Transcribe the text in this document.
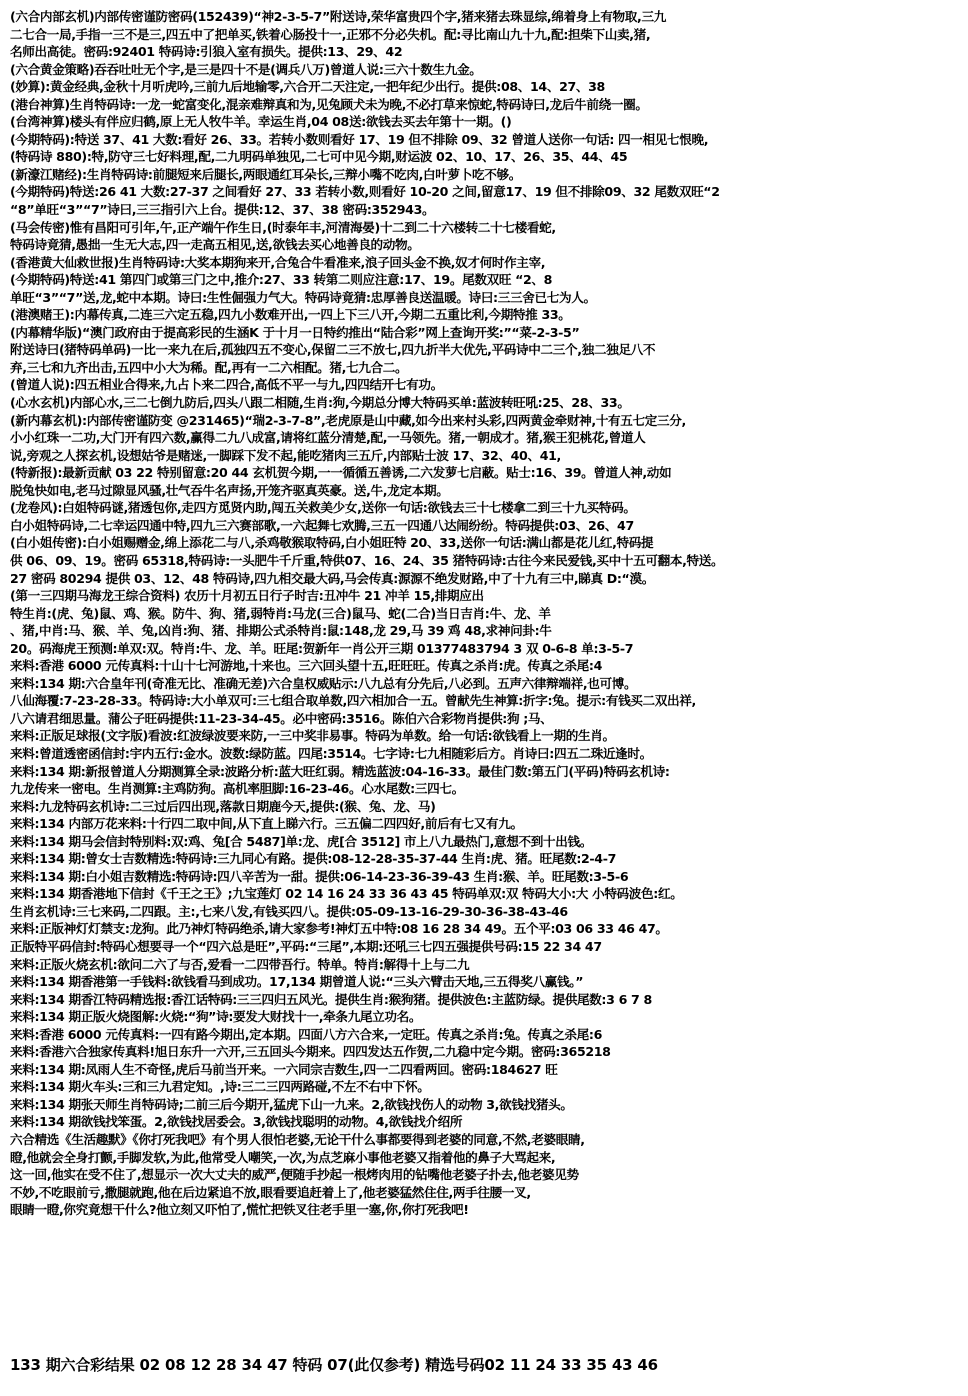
(六合内部玄机)内部传密谨防密码(152439)“神2-3-5-7”附送诗,荣华富贵四个字,猪来猪去珠显综,绵着身上有物取,三九
二七合一局,手指一三不是三,四五中了把单买,铁着心肠投十一,正邪不分必失机。配:寻比南山九十九,配:担柴下山卖,猪,
名师出高徒。密码:92401 特码诗:引狼入室有损失。提供:13、29、42
(六合黄金策略)吞吞吐吐无个字,是三是四十不是(调兵八万)曾道人说:三六十数生九金。
(妙算):黄金经典,金秋十月听虎吟,三前九后地输零,六合开二天注定,一把年纪少出行。提供:08、14、27、38
(港台神算)生肖特码诗:一龙一蛇富变化,混亲难辩真和为,见兔顾犬未为晚,不必打草来惊蛇,特码诗曰,龙后牛前绕一圈。
(台湾神算)楼头有伴应归鹤,原上无人牧牛羊。幸运生肖,04 08送:欲钱去买去年第十一期。()
(今期特码):特送 37、41 大数:看好 26、33。若转小数则看好 17、19 但不排除 09、32 曾道人送你一句话: 四一相见七恨晚,
(特码诗 880):特,防守三七好料理,配,二九明码单独见,二七可中见今期,财运波 02、10、17、26、35、44、45
(新濠江赌经):生肖特码诗:前腿短来后腿长,两眼通红耳朵长,三辩小嘴不吃肉,白叶萝卜吃不够。
(今期特码)特送:26 41 大数:27-37 之间看好 27、33 若转小数,则看好 10-20 之间,留意17、19 但不排除09、32 尾数双旺“2
“8”单旺“3”“7”诗曰,三三指引六上台。提供:12、37、38 密码:352943。
(马会传密)惟有昌阳可引年,午,正产端午作生日,(时泰年丰,河清海晏)十二到二十六楼转二十七楼看蛇,
特码诗竟猜,愚拙一生无大志,四一走高五相见,送,欲钱去买心地善良的动物。
(香港黄大仙救世报)生肖特码诗:大奖本期狗来开,合兔合牛看准来,浪子回头金不换,奴才何时作主宰,
(今期特码)特送:41 第四门或第三门之中,推介:27、33 转第二则应注意:17、19。尾数双旺 “2、8
单旺“3”“7”送,龙,蛇中本期。诗曰:生性倔强力气大。特码诗竟猜:忠厚善良送温暖。诗曰:三三舍已七为人。
(港澳赌王):内幕传真,二连三六定五稳,四九小数难开出,一四上下三八开,今期二五重比利,今期特推 33。
(内幕精华版)“澳门政府由于提高彩民的生涵K 于十月一日特约推出“陆合彩”网上查询开奖:”“菜-2-3-5”
附送诗曰(猪特码单码)一比一来九在后,孤独四五不变心,保留二三不放七,四九折半大优先,平码诗中二三个,独二独足八不
弃,三七和九齐出击,五四中小大为稀。配,再有一二六相配。猪,七九合二。
(曾道人说):四五相业合得来,九占卜来二四合,高低不平一与九,四四结开七有功。
(心水玄机)内部心水,三二七倒九防后,四头八跟二相随,生肖:狗,今期总分博大特码买单:蓝波转旺吼:25、28、33。
(新内幕玄机):内部传密谨防变 @231465)“瑞2-3-7-8”,老虎原是山中藏,如今出来村头彩,四两黄金牵财神,十有五七定三分,
小小红珠一二功,大门开有四六数,赢得二九八成富,请将红蓝分清楚,配,一马领先。猪,一朝成才。猪,猴王犯桃花,曾道人
说,旁观之人探玄机,设想姑爷是赌迷,一脚踩下发不起,能吃猪肉三五斤,内部贴士波 17、32、40、41,
(特新报):最新贡献 03 22 特别留意:20 44 玄机贺今期,一一循循五善诱,二六发萝七启蔽。贴士:16、39。曾道人神,动如
脱兔快如电,老马过隙显风骚,壮气吞牛名声扬,开笼齐驱真英豪。送,牛,龙定本期。
(龙卷风):白姐特码谜,猪透包你,走四方觅贤内助,闯五关救美少女,送你一句话:欲钱去三十七楼拿二到三十九买特码。
白小姐特码诗,二七幸运四通中特,四九三六赛部歌,一六起舞七欢腾,三五一四通八达闹纷纷。特码提供:03、26、47
(白小姐传密):白小姐赐赠金,绵上添花二与八,杀鸡敬猴取特码,白小姐旺特 20、33,送你一句话:满山都是花儿红,特码提
供 06、09、19。密码 65318,特码诗:一头肥牛千斤重,特供07、16、24、35 猪特码诗:古往今来民爱钱,买中十五可翻本,特送。
27 密码 80294 提供 03、12、48 特码诗,四九相交最大码,马会传真:源源不绝发财路,中了十九有三中,睇真 D:“漠。
(第一三四期马海龙王综合资料) 农历十月初五日行子时吉:丑冲牛 21 冲羊 15,排期应出
特生肖:(虎、兔)鼠、鸡、猴。防牛、狗、猪,弱特肖:马龙(三合)鼠马、蛇(二合)当日吉肖:牛、龙、羊
、猪,中肖:马、猴、羊、兔,凶肖:狗、猪、排期公式杀特肖:鼠:148,龙 29,马 39 鸡 48,求神问卦:牛
20。码海虎王预测:单双:双。特肖:牛、龙、羊。旺尾:贺新年一肖公开三期 01377483794 3 双 0-6-8 单:3-5-7
来料:香港 6000 元传真料:十山十七河游地,十来也。三六回头望十五,旺旺旺。传真之杀肖:虎。传真之杀尾:4
来料:134 期:六合皇年刊(奇准无比、准确无差)六合皇权威贴示:八九总有分先后,八必到。五声六律辩端祥,也可博。
八仙海覆:7-23-28-33。特码诗:大小单双可:三七组合取单数,四六相加合一五。曾献先生神算:折字:兔。提示:有钱买二双出祥,
八六请君细思量。蒲公子旺码提供:11-23-34-45。必中密码:3516。陈伯六合彩物肖提供:狗 ;马、
来料:正版足球报(文字版)看波:红波绿波要来防,一三中奖非易事。特码为单数。给一句话:欲钱看上一期的生肖。
来料:曾道透密函信封:宇内五行:金水。波数:绿防蓝。四尾:3514。七字诗:七九相随彩后方。肖诗曰:四五二珠近逢时。
来料:134 期:新报曾道人分期测算全录:波路分析:蓝大旺红弱。精选蓝波:04-16-33。最佳门数:第五门(平码)特码玄机诗:
九龙传来一密电。生肖测算:主鸡防狗。高机率胆脚:16-23-46。心水尾数:三四七。
来料:九龙特码玄机诗:二三过后四出现,落款日期鹿今天,提供:(猴、兔、龙、马)
来料:134 内部万花来料:十行四二取中间,从下直上睇六行。三五偏二四四好,前后有七又有九。
来料:134 期马会信封特别料:双:鸡、兔[合 5487]单:龙、虎[合 3512] 市上八九最热门,意想不到十出钱。
来料:134 期:曾女士吉数精选:特码诗:三九同心有路。提供:08-12-28-35-37-44 生肖:虎、猪。旺尾数:2-4-7
来料:134 期:白小姐吉数精选:特码诗:四八辛苦为一甜。提供:06-14-23-36-39-43 生肖:猴、羊。旺尾数:3-5-6
来料:134 期香港地下信封《千王之王》;九宝莲灯 02 14 16 24 33 36 43 45 特码单双:双 特码大小:大 小特码波色:红。
生肖玄机诗:三七来码,二四跟。主:,七来八发,有钱买四八。提供:05-09-13-16-29-30-36-38-43-46
来料:正版神灯灯禁支:龙狗。此乃神灯特码绝杀,请大家参考!神灯五中特:08 16 28 34 49。五个平:03 06 33 46 47。
正版特平码信封:特码心想要寻一个“四六总是旺”,平码:“三尾”,本期:还吼三七四五强提供号码:15 22 34 47
来料:正版火烧玄机:欲问二六了与否,爱看一二四带吾行。特单。特肖:解得十上与二九
来料:134 期香港第一手钱料:欲钱看马到成功。17,134 期曾道人说:“三头六臂击天地,三五得奖八赢钱。”
来料:134 期香江特码精选报:香江话特码:三三四归五风光。提供生肖:猴狗猪。提供波色:主蓝防绿。提供尾数:3 6 7 8
来料:134 期正版火烧图解:火烧:“狗”诗:要发大财找十一,牵条九尾立功名。
来料:香港 6000 元传真料:一四有路今期出,定本期。四面八方六合来,一定旺。传真之杀肖:兔。传真之杀尾:6
来料:香港六合独家传真料!旭日东升一六开,三五回头今期来。四四发达五作贺,二九稳中定今期。密码:365218
来料:134 期:凤雨人生不奇怪,虎后马前当开来。一六同宗吉数生,四一二四看两回。密码:184627 旺
来料:134 期火车头:三和三九君定知。,诗:三二三四两路碰,不左不右中下怀。
来料:134 期张天师生肖特码诗;二前三后今期开,猛虎下山一九来。2,欲钱找伤人的动物 3,欲钱找猪头。
来料:134 期欲钱找笨蛋。2,欲钱找居委会。3,欲钱找聪明的动物。4,欲钱找介绍所
六合精选《生活趣默》《你打死我吧》有个男人很怕老婆,无论干什么事都要得到老婆的同意,不然,老婆眼睛,
瞪,他就会全身打颤,手脚发软,为此,他常受人嘲笑,一次,为点芝麻小事他老婆又指着他的鼻子大骂起来,
这一回,他实在受不住了,想显示一次大丈夫的威严,便随手抄起一根烤肉用的钻嘴他老婆子扑去,他老婆见势
不妙,不吃眼前亏,撒腿就跑,他在后边紧追不放,眼看要追赶着上了,他老婆猛然住住,两手往腰一叉,
眼睛一瞪,你究竟想干什么?他立刻又吓怕了,慌忙把铁叉往老手里一塞,你,你打死我吧!
133 期六合彩结果 02 08 12 28 34 47 特码 07(此仅参考) 精选号码02 11 24 33 35 43 46
